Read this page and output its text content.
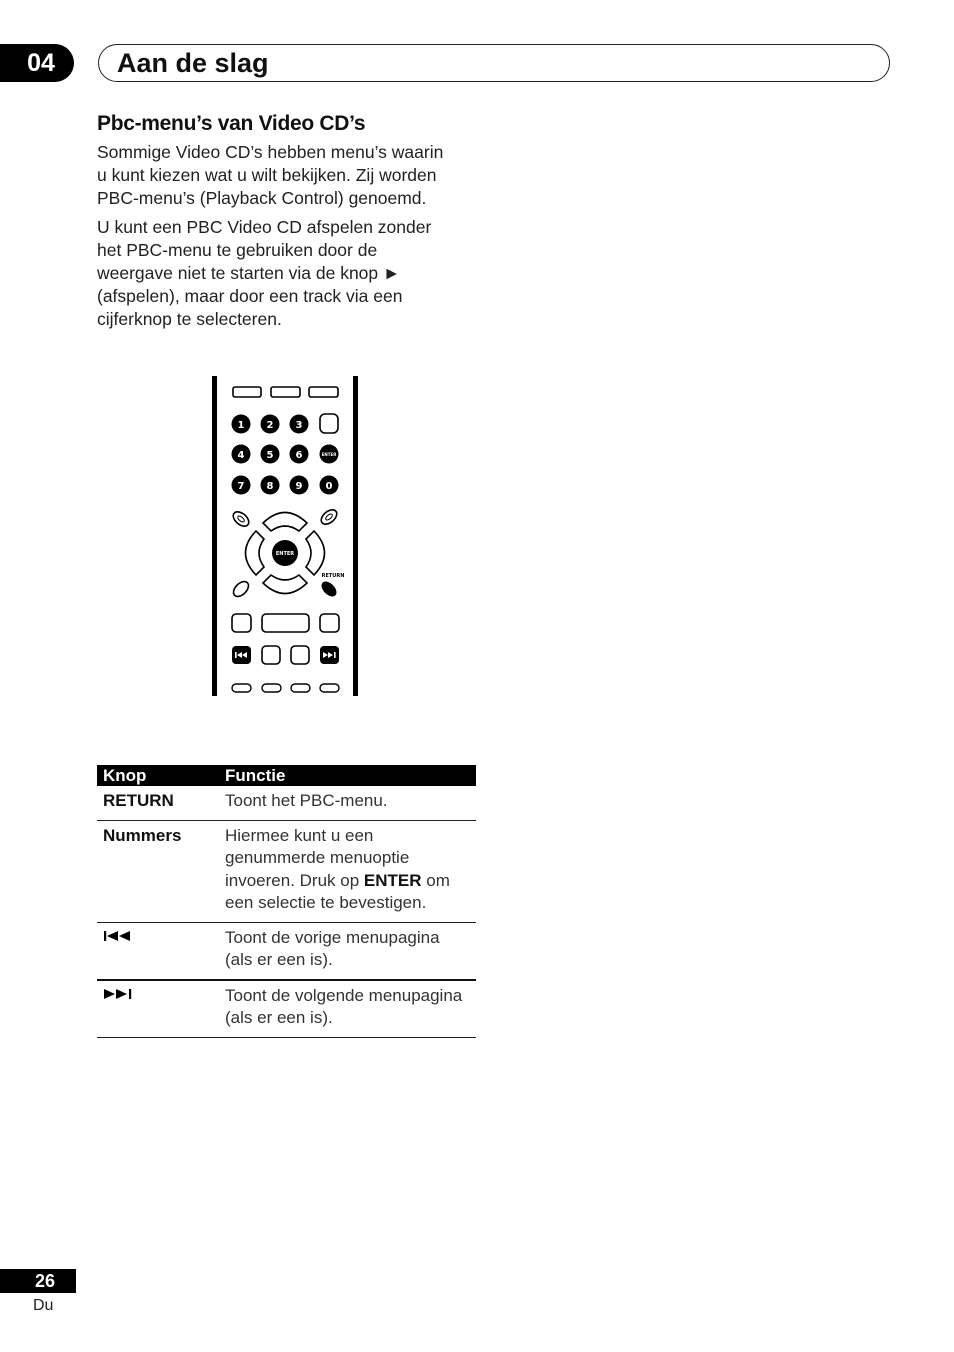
04	Aan de slag
Pbc-menu’s van Video CD’s

Sommige Video CD’s hebben menu’s waarin
u kunt kiezen wat u wilt bekijken. Zij worden
PBC-menu’s (Playback Control) genoemd.

U kunt een PBC Video CD afspelen zonder
het PBC-menu te gebruiken door de
weergave niet te starten via de knop ►
(afspelen), maar door een track via een
cijferknop te selecteren.

1 2 3
4 5 6	ENTER
7 8 9 0
ENTER
RETURN
Knop	Functie
RETURN	Toont het PBC-menu.
Nummers	Hiermee kunt u een genummerde menuoptie invoeren. Druk op ENTER om een selectie te bevestigen.
	Toont de vorige menupagina (als er een is).
	Toont de volgende menupagina (als er een is).
26
Du
